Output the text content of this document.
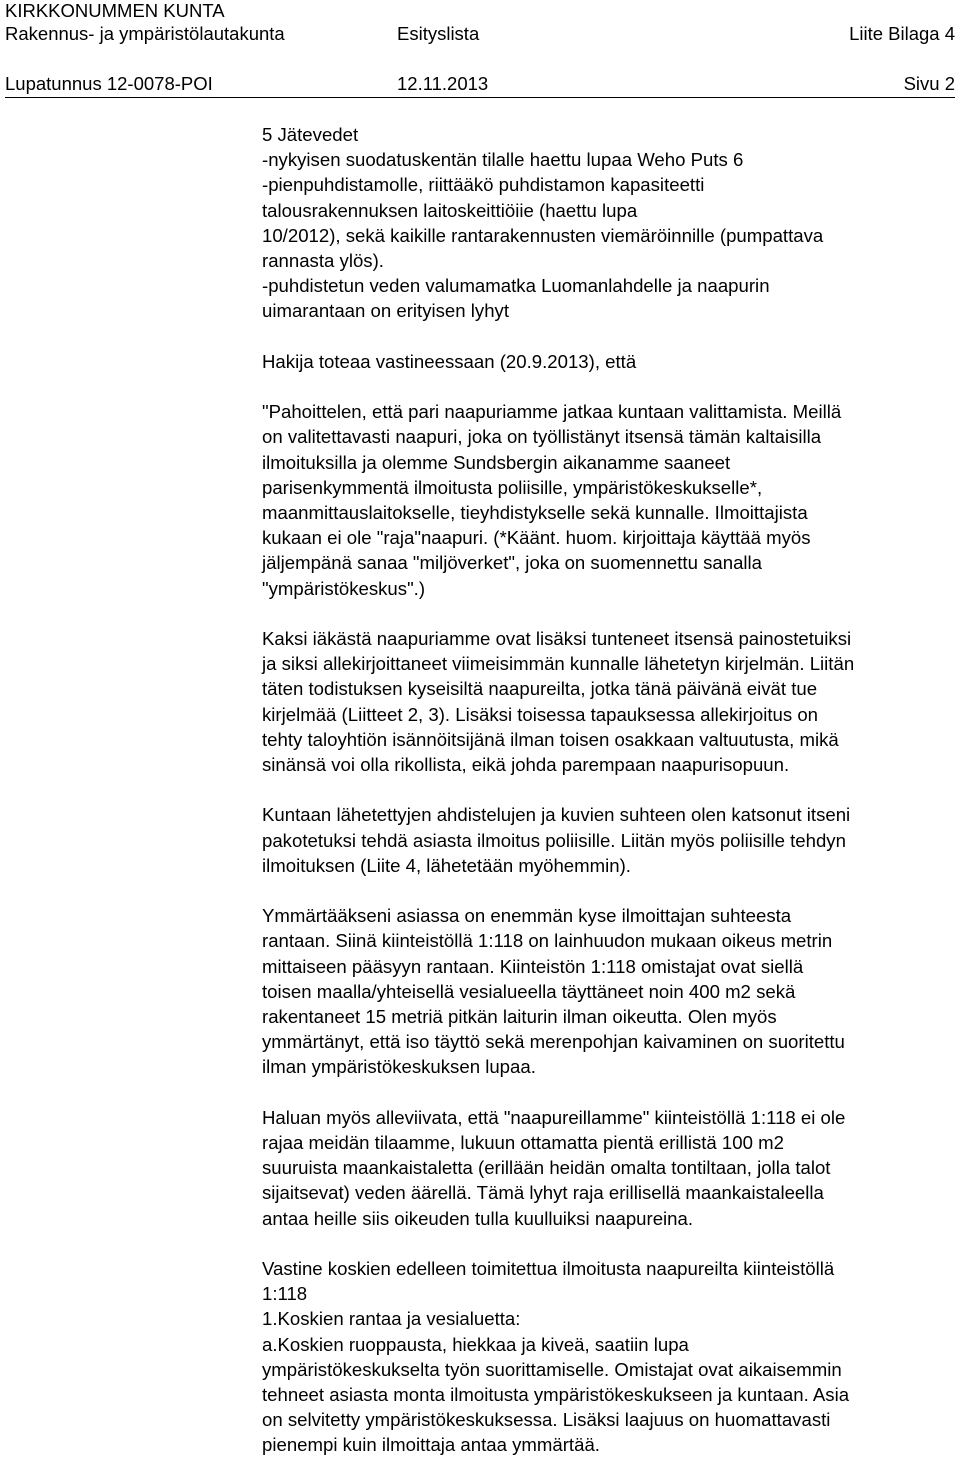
KIRKKONUMMEN KUNTA
Rakennus- ja ympäristölautakunta	Esityslista	Liite Bilaga 4
Lupatunnus 12-0078-POI	12.11.2013	Sivu 2

5 Jätevedet

-nykyisen suodatuskentän tilalle haettu lupaa Weho Puts 6

-pienpuhdistamolle, riittääkö puhdistamon kapasiteetti

talousrakennuksen laitoskeittiöiie (haettu lupa

10/2012), sekä kaikille rantarakennusten viemäröinnille (pumpattava

rannasta ylös).

-puhdistetun veden valumamatka Luomanlahdelle ja naapurin

uimarantaan on erityisen lyhyt

Hakija toteaa vastineessaan (20.9.2013), että

"Pahoittelen, että pari naapuriamme jatkaa kuntaan valittamista. Meillä

on valitettavasti naapuri, joka on työllistänyt itsensä tämän kaltaisilla

ilmoituksilla ja olemme Sundsbergin aikanamme saaneet

parisenkymmentä ilmoitusta poliisille, ympäristökeskukselle*,

maanmittauslaitokselle, tieyhdistykselle sekä kunnalle. Ilmoittajista

kukaan ei ole "raja"naapuri. (*Käänt. huom. kirjoittaja käyttää myös

jäljempänä sanaa "miljöverket", joka on suomennettu sanalla

"ympäristökeskus".)

Kaksi iäkästä naapuriamme ovat lisäksi tunteneet itsensä painostetuiksi

ja siksi allekirjoittaneet viimeisimmän kunnalle lähetetyn kirjelmän. Liitän

täten todistuksen kyseisiltä naapureilta, jotka tänä päivänä eivät tue

kirjelmää (Liitteet 2, 3). Lisäksi toisessa tapauksessa allekirjoitus on

tehty taloyhtiön isännöitsijänä ilman toisen osakkaan valtuutusta, mikä

sinänsä voi olla rikollista, eikä johda parempaan naapurisopuun.

Kuntaan lähetettyjen ahdistelujen ja kuvien suhteen olen katsonut itseni

pakotetuksi tehdä asiasta ilmoitus poliisille. Liitän myös poliisille tehdyn

ilmoituksen (Liite 4, lähetetään myöhemmin).

Ymmärtääkseni asiassa on enemmän kyse ilmoittajan suhteesta

rantaan. Siinä kiinteistöllä 1:118 on lainhuudon mukaan oikeus metrin

mittaiseen pääsyyn rantaan. Kiinteistön 1:118 omistajat ovat siellä

toisen maalla/yhteisellä vesialueella täyttäneet noin 400 m2 sekä

rakentaneet 15 metriä pitkän laiturin ilman oikeutta. Olen myös

ymmärtänyt, että iso täyttö sekä merenpohjan kaivaminen on suoritettu

ilman ympäristökeskuksen lupaa.

Haluan myös alleviivata, että "naapureillamme" kiinteistöllä 1:118 ei ole

rajaa meidän tilaamme, lukuun ottamatta pientä erillistä 100 m2

suuruista maankaistaletta (erillään heidän omalta tontiltaan, jolla talot

sijaitsevat) veden äärellä. Tämä lyhyt raja erillisellä maankaistaleella

antaa heille siis oikeuden tulla kuulluiksi naapureina.

Vastine koskien edelleen toimitettua ilmoitusta naapureilta kiinteistöllä

1:118

1.Koskien rantaa ja vesialuetta:

a.Koskien ruoppausta, hiekkaa ja kiveä, saatiin lupa

ympäristökeskukselta työn suorittamiselle. Omistajat ovat aikaisemmin

tehneet asiasta monta ilmoitusta ympäristökeskukseen ja kuntaan. Asia

on selvitetty ympäristökeskuksessa. Lisäksi laajuus on huomattavasti

pienempi kuin ilmoittaja antaa ymmärtää.
